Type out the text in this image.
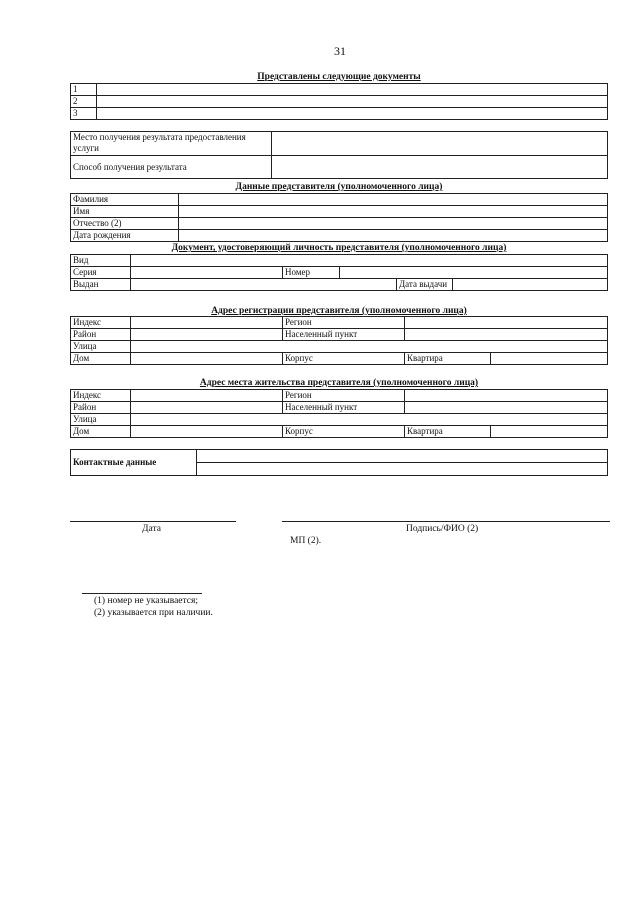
31
Представлены следующие документы
1	
2	
3	
Место получения результата предоставления услуги	
Способ получения результата	
Данные представителя (уполномоченного лица)
Фамилия	
Имя	
Отчество (2)	
Дата рождения	
Документ, удостоверяющий личность представителя (уполномоченного лица)
Вид					
Серия		Номер			
Выдан				Дата выдачи	
Адрес регистрации представителя (уполномоченного лица)
Индекс		Регион		
Район		Населенный пункт		
Улица				
Дом		Корпус	Квартира	
Адрес места жительства представителя (уполномоченного лица)
Индекс		Регион		
Район		Населенный пункт		
Улица				
Дом		Корпус	Квартира	
Контактные данные	
Дата	Подпись/ФИО (2)
МП (2).
(1) номер не указывается;
(2) указывается при наличии.
